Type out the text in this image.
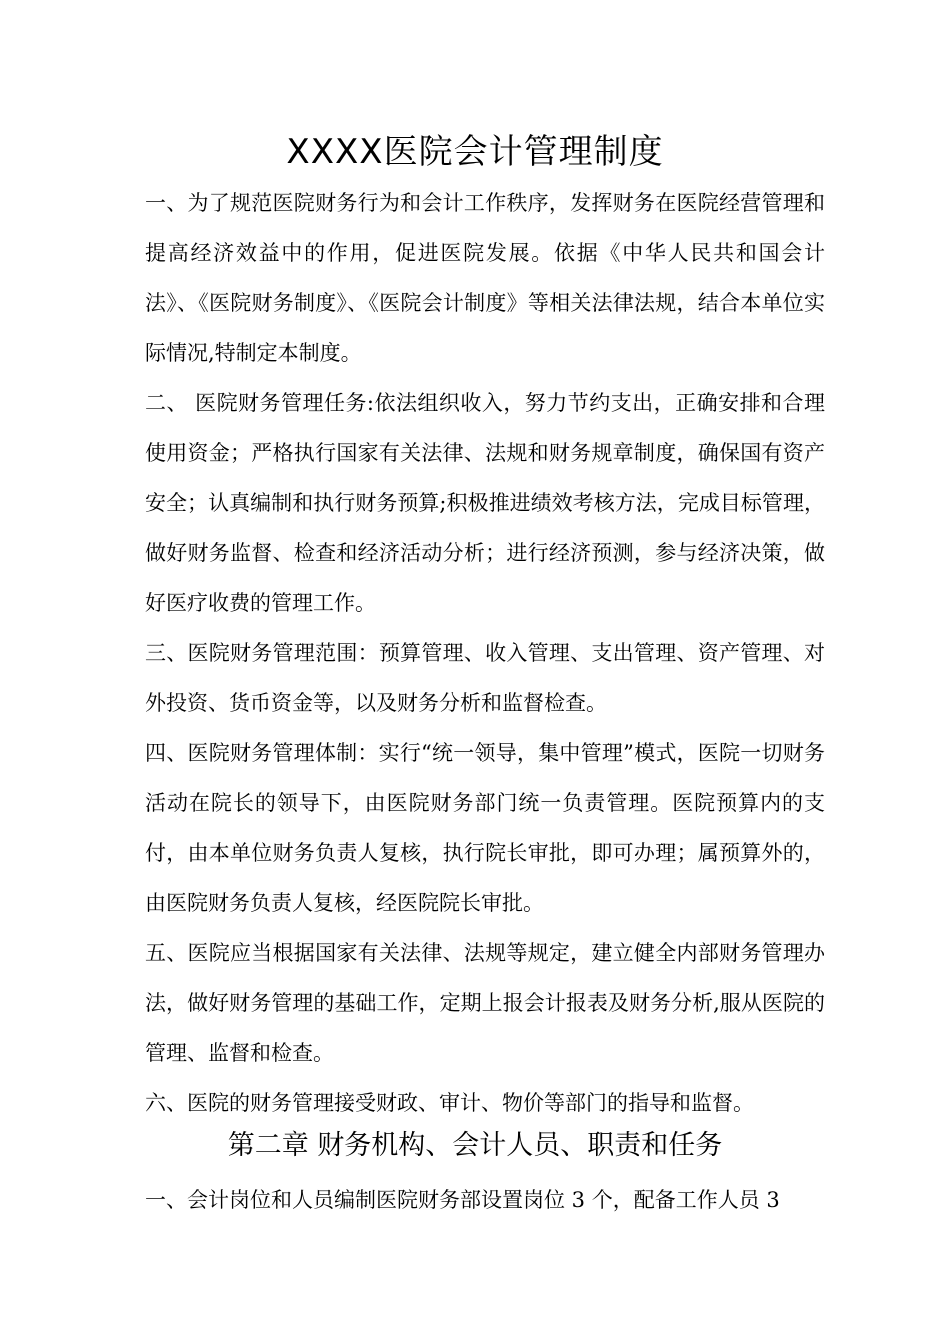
XXXX医院会计管理制度

一、为了规范医院财务行为和会计工作秩序，发挥财务在医院经营管理和提高经济效益中的作用，促进医院发展。依据《中华人民共和国会计法》、《医院财务制度》、《医院会计制度》等相关法律法规，结合本单位实际情况,特制定本制度。

二、 医院财务管理任务:依法组织收入，努力节约支出，正确安排和合理使用资金；严格执行国家有关法律、法规和财务规章制度，确保国有资产安全；认真编制和执行财务预算;积极推进绩效考核方法，完成目标管理，做好财务监督、检查和经济活动分析；进行经济预测，参与经济决策，做好医疗收费的管理工作。

三、医院财务管理范围：预算管理、收入管理、支出管理、资产管理、对外投资、货币资金等，以及财务分析和监督检查。

四、医院财务管理体制：实行“统一领导，集中管理”模式，医院一切财务活动在院长的领导下，由医院财务部门统一负责管理。医院预算内的支付，由本单位财务负责人复核，执行院长审批，即可办理；属预算外的，由医院财务负责人复核，经医院院长审批。

五、医院应当根据国家有关法律、法规等规定，建立健全内部财务管理办法，做好财务管理的基础工作，定期上报会计报表及财务分析,服从医院的管理、监督和检查。

六、医院的财务管理接受财政、审计、物价等部门的指导和监督。

第二章 财务机构、会计人员、职责和任务

一、会计岗位和人员编制医院财务部设置岗位 3 个，配备工作人员 3
